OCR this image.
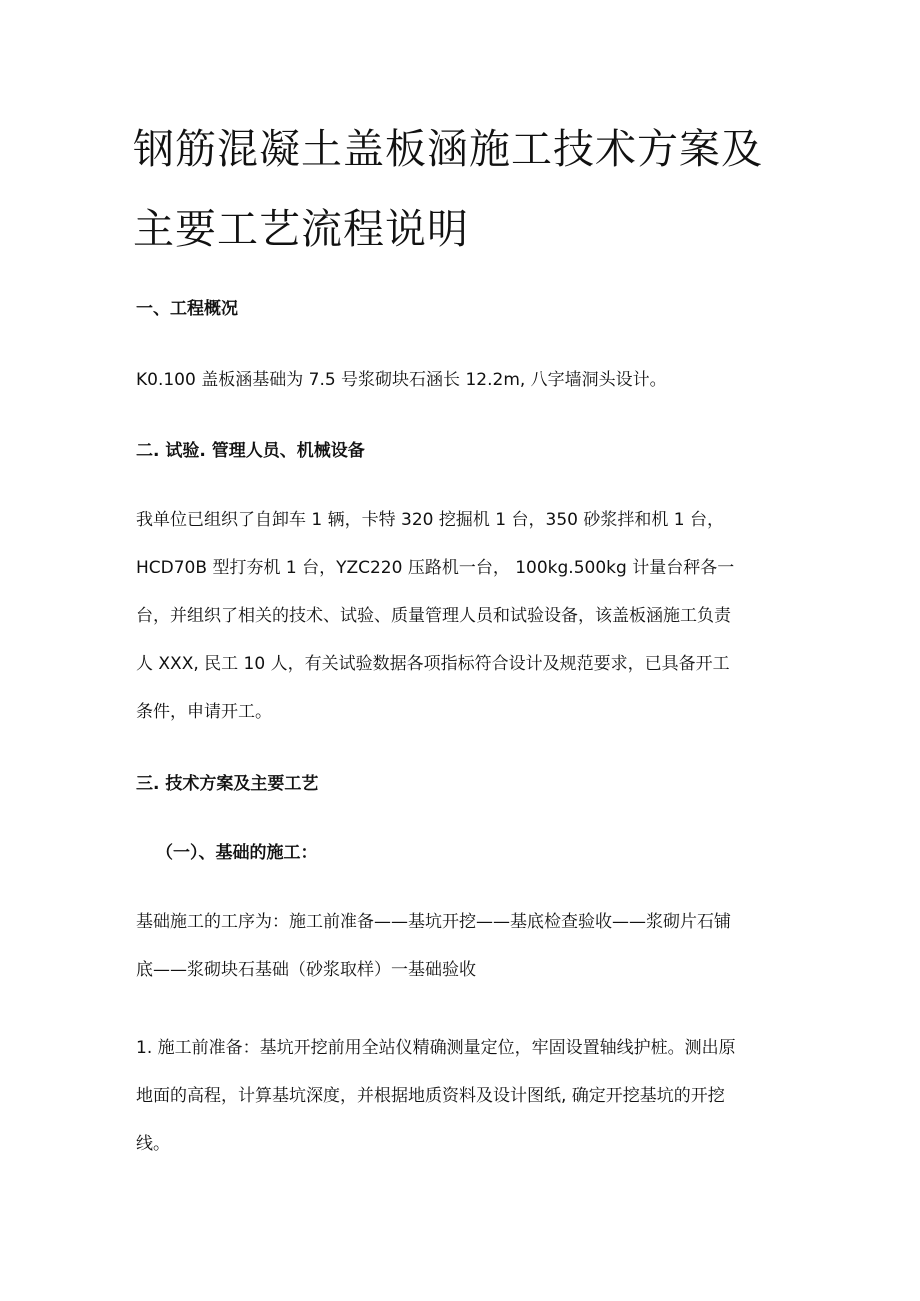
钢筋混凝土盖板涵施工技术方案及
主要工艺流程说明
一、工程概况

K0.100 盖板涵基础为 7.5 号浆砌块石涵长 12.2m, 八字墙洞头设计。

二. 试验. 管理人员、机械设备

我单位已组织了自卸车 1 辆，卡特 320 挖掘机 1 台，350 砂浆拌和机 1 台，
HCD70B 型打夯机 1 台，YZC220 压路机一台， 100kg.500kg 计量台秤各一
台，并组织了相关的技术、试验、质量管理人员和试验设备，该盖板涵施工负责
人 XXX, 民工 10 人，有关试验数据各项指标符合设计及规范要求，已具备开工
条件，申请开工。

三. 技术方案及主要工艺
（一）、基础的施工：

基础施工的工序为：施工前准备——基坑开挖——基底检查验收——浆砌片石铺
底——浆砌块石基础（砂浆取样）一基础验收

1. 施工前准备：基坑开挖前用全站仪精确测量定位，牢固设置轴线护桩。测出原
地面的高程，计算基坑深度，并根据地质资料及设计图纸, 确定开挖基坑的开挖
线。
